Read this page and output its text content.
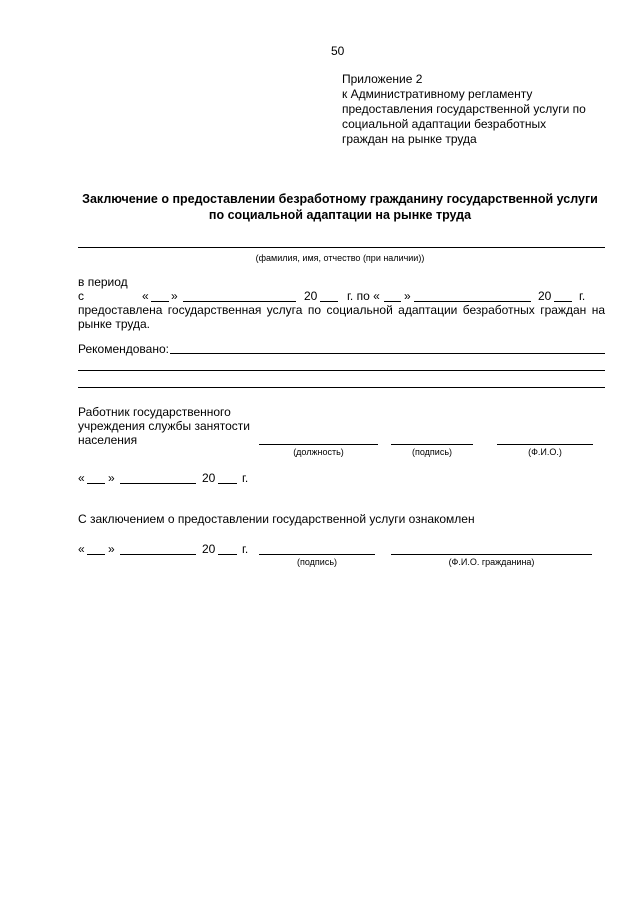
50
Приложение 2
к Административному регламенту
предоставления государственной услуги по
социальной адаптации безработных
граждан на рынке труда
Заключение о предоставлении безработному гражданину государственной услуги
по социальной адаптации на рынке труда
(фамилия, имя, отчество (при наличии))
в период
с	« »	20 г. по « »	20 г.
предоставлена государственная услуга по социальной адаптации безработных граждан на
рынке труда.
Рекомендовано:
Работник государственного
учреждения службы занятости
населения
(должность)	(подпись)	(Ф.И.О.)
« »	20 г.
С заключением о предоставлении государственной услуги ознакомлен
« »	20 г.
(подпись)	(Ф.И.О. гражданина)
